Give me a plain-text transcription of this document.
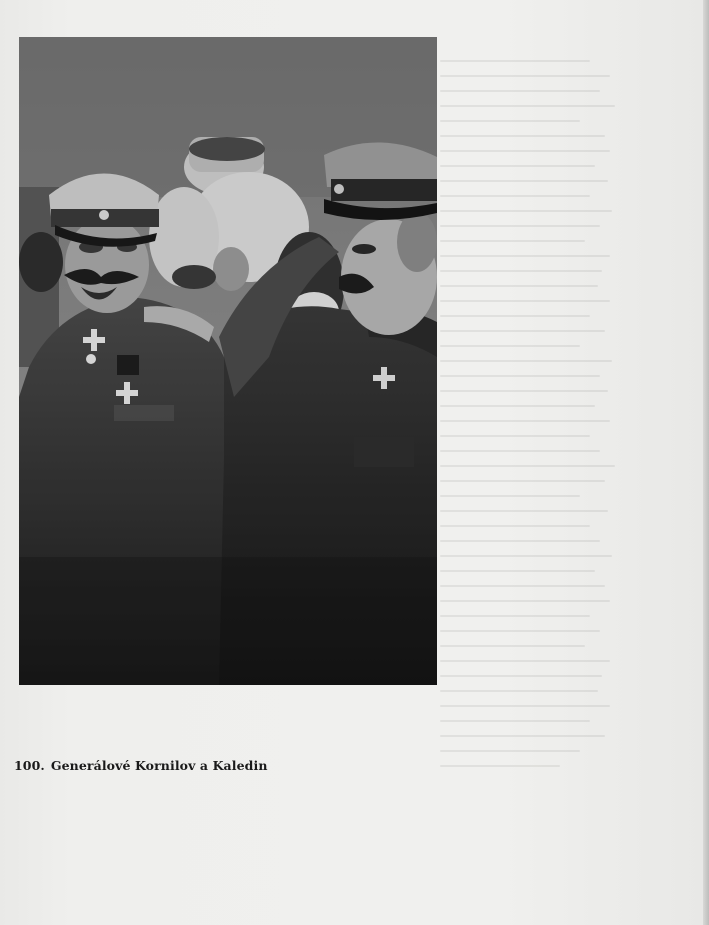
100. Generálové Kornilov a Kaledin
